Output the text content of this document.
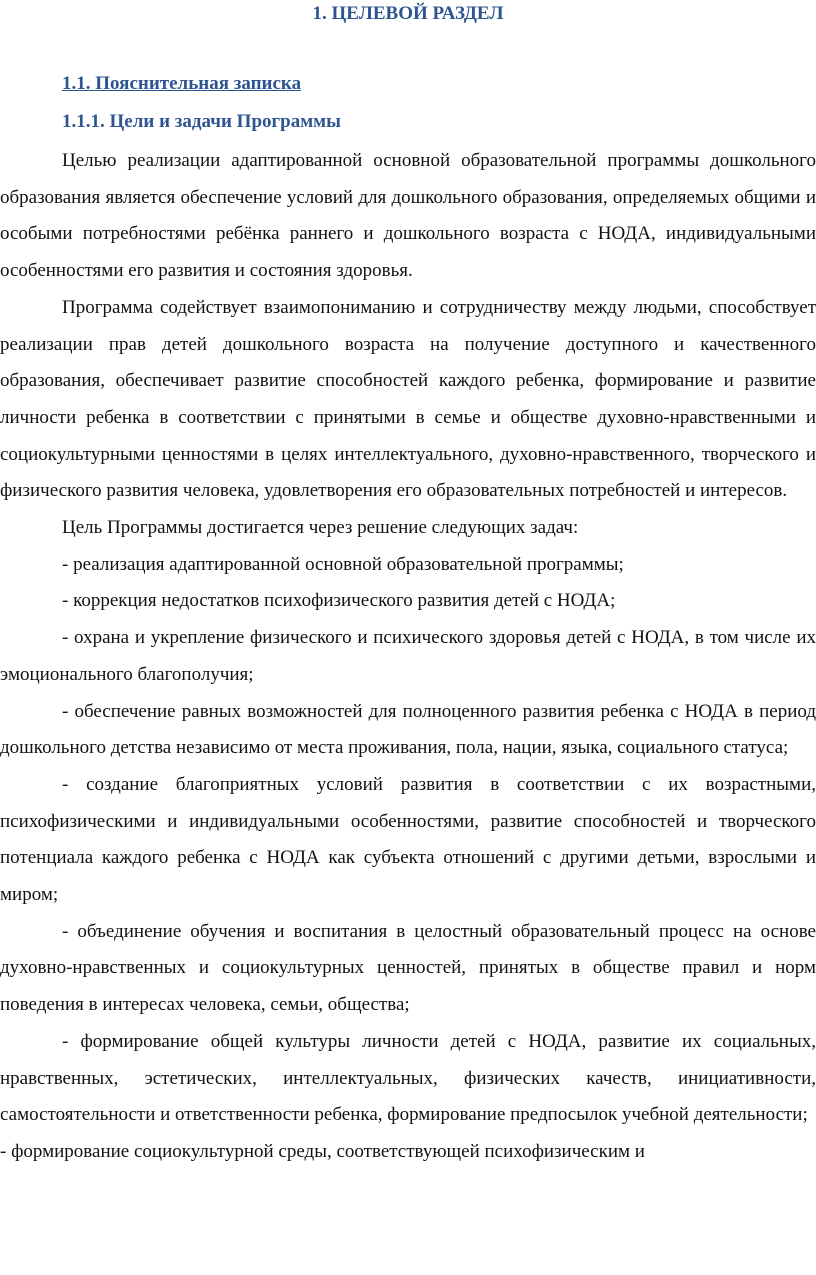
1. ЦЕЛЕВОЙ РАЗДЕЛ
1.1. Пояснительная записка
1.1.1. Цели и задачи Программы

Целью реализации адаптированной основной образовательной программы дошкольного образования является обеспечение условий для дошкольного образования, определяемых общими и особыми потребностями ребёнка раннего и дошкольного возраста с НОДА, индивидуальными особенностями его развития и состояния здоровья.

Программа содействует взаимопониманию и сотрудничеству между людьми, способствует реализации прав детей дошкольного возраста на получение доступного и качественного образования, обеспечивает развитие способностей каждого ребенка, формирование и развитие личности ребенка в соответствии с принятыми в семье и обществе духовно-нравственными и социокультурными ценностями в целях интеллектуального, духовно-нравственного, творческого и физического развития человека, удовлетворения его образовательных потребностей и интересов.

Цель Программы достигается через решение следующих задач:

- реализация адаптированной основной образовательной программы;

- коррекция недостатков психофизического развития детей с НОДА;

- охрана и укрепление физического и психического здоровья детей с НОДА, в том числе их эмоционального благополучия;

- обеспечение равных возможностей для полноценного развития ребенка с НОДА в период дошкольного детства независимо от места проживания, пола, нации, языка, социального статуса;

- создание благоприятных условий развития в соответствии с их возрастными, психофизическими и индивидуальными особенностями, развитие способностей и творческого потенциала каждого ребенка с НОДА как субъекта отношений с другими детьми, взрослыми и миром;

- объединение обучения и воспитания в целостный образовательный процесс на основе духовно-нравственных и социокультурных ценностей, принятых в обществе правил и норм поведения в интересах человека, семьи, общества;

- формирование общей культуры личности детей с НОДА, развитие их социальных, нравственных, эстетических, интеллектуальных, физических качеств, инициативности, самостоятельности и ответственности ребенка, формирование предпосылок учебной деятельности;

- формирование социокультурной среды, соответствующей психофизическим и
